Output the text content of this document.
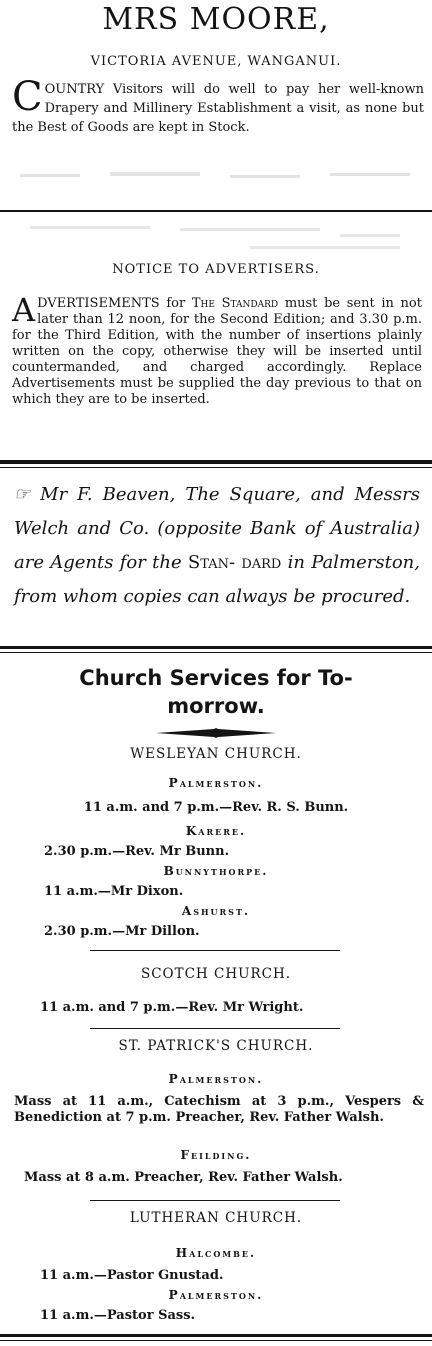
MRS MOORE,
VICTORIA AVENUE, WANGANUI.
COUNTRY Visitors will do well to pay her well-known Drapery and Millinery Establishment a visit, as none but the Best of Goods are kept in Stock.
NOTICE TO ADVERTISERS.
ADVERTISEMENTS for The Standard must be sent in not later than 12 noon, for the Second Edition; and 3.30 p.m. for the Third Edition, with the number of insertions plainly written on the copy, otherwise they will be inserted until countermanded, and charged accordingly. Replace Advertisements must be supplied the day previous to that on which they are to be inserted.
☞ Mr F. Beaven, The Square, and Messrs Welch and Co. (opposite Bank of Australia) are Agents for the Stan- dard in Palmerston, from whom copies can always be procured.
Church Services for To-
morrow.
WESLEYAN CHURCH.
Palmerston.
11 a.m. and 7 p.m.—Rev. R. S. Bunn.
Karere.
2.30 p.m.—Rev. Mr Bunn.
Bunnythorpe.
11 a.m.—Mr Dixon.
Ashurst.
2.30 p.m.—Mr Dillon.
SCOTCH CHURCH.
11 a.m. and 7 p.m.—Rev. Mr Wright.
ST. PATRICK'S CHURCH.
Palmerston.
Mass at 11 a.m., Catechism at 3 p.m., Vespers & Benediction at 7 p.m. Preacher, Rev. Father Walsh.
Feilding.
Mass at 8 a.m. Preacher, Rev. Father Walsh.
LUTHERAN CHURCH.
Halcombe.
11 a.m.—Pastor Gnustad.
Palmerston.
11 a.m.—Pastor Sass.
